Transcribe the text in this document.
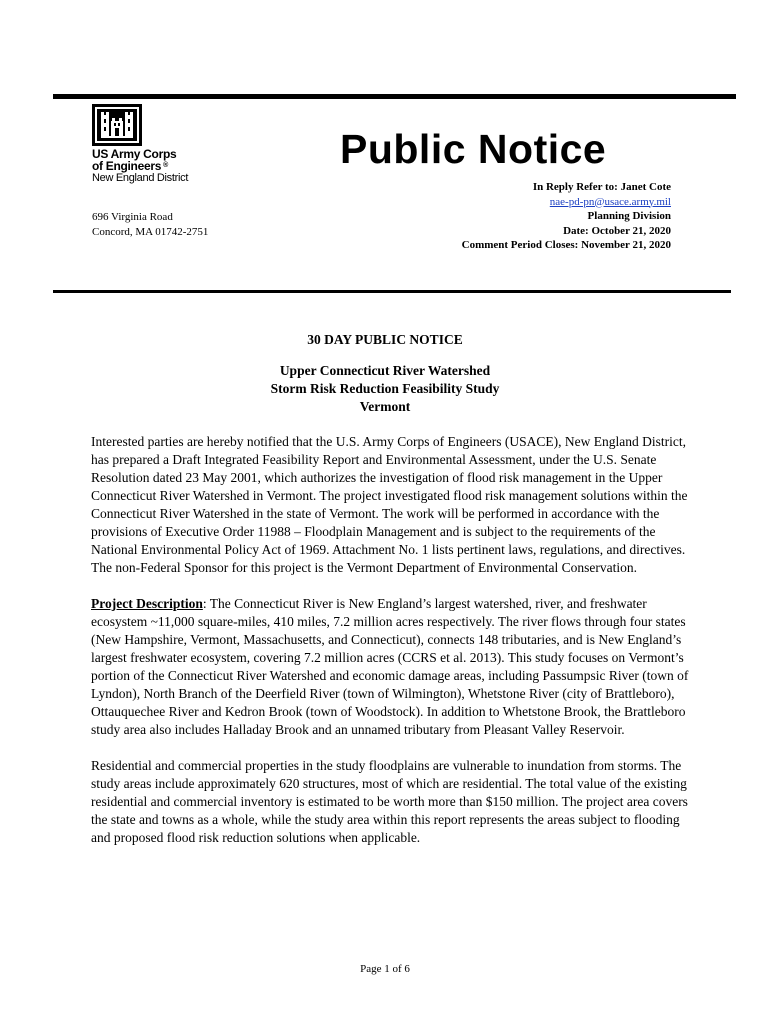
US Army Corps
of Engineers ®
New England District
Public Notice
696 Virginia Road
Concord, MA 01742-2751
In Reply Refer to: Janet Cote
nae-pd-pn@usace.army.mil
Planning Division
Date: October 21, 2020
Comment Period Closes: November 21, 2020
30 DAY PUBLIC NOTICE
Upper Connecticut River Watershed
Storm Risk Reduction Feasibility Study
Vermont

Interested parties are hereby notified that the U.S. Army Corps of Engineers (USACE), New England District, has prepared a Draft Integrated Feasibility Report and Environmental Assessment, under the U.S. Senate Resolution dated 23 May 2001, which authorizes the investigation of flood risk management in the Upper Connecticut River Watershed in Vermont. The project investigated flood risk management solutions within the Connecticut River Watershed in the state of Vermont. The work will be performed in accordance with the provisions of Executive Order 11988 – Floodplain Management and is subject to the requirements of the National Environmental Policy Act of 1969. Attachment No. 1 lists pertinent laws, regulations, and directives. The non-Federal Sponsor for this project is the Vermont Department of Environmental Conservation.

Project Description: The Connecticut River is New England’s largest watershed, river, and freshwater ecosystem ~11,000 square-miles, 410 miles, 7.2 million acres respectively. The river flows through four states (New Hampshire, Vermont, Massachusetts, and Connecticut), connects 148 tributaries, and is New England’s largest freshwater ecosystem, covering 7.2 million acres (CCRS et al. 2013). This study focuses on Vermont’s portion of the Connecticut River Watershed and economic damage areas, including Passumpsic River (town of Lyndon), North Branch of the Deerfield River (town of Wilmington), Whetstone River (city of Brattleboro), Ottauquechee River and Kedron Brook (town of Woodstock). In addition to Whetstone Brook, the Brattleboro study area also includes Halladay Brook and an unnamed tributary from Pleasant Valley Reservoir.

Residential and commercial properties in the study floodplains are vulnerable to inundation from storms. The study areas include approximately 620 structures, most of which are residential. The total value of the existing residential and commercial inventory is estimated to be worth more than $150 million. The project area covers the state and towns as a whole, while the study area within this report represents the areas subject to flooding and proposed flood risk reduction solutions when applicable.

Page 1 of 6
